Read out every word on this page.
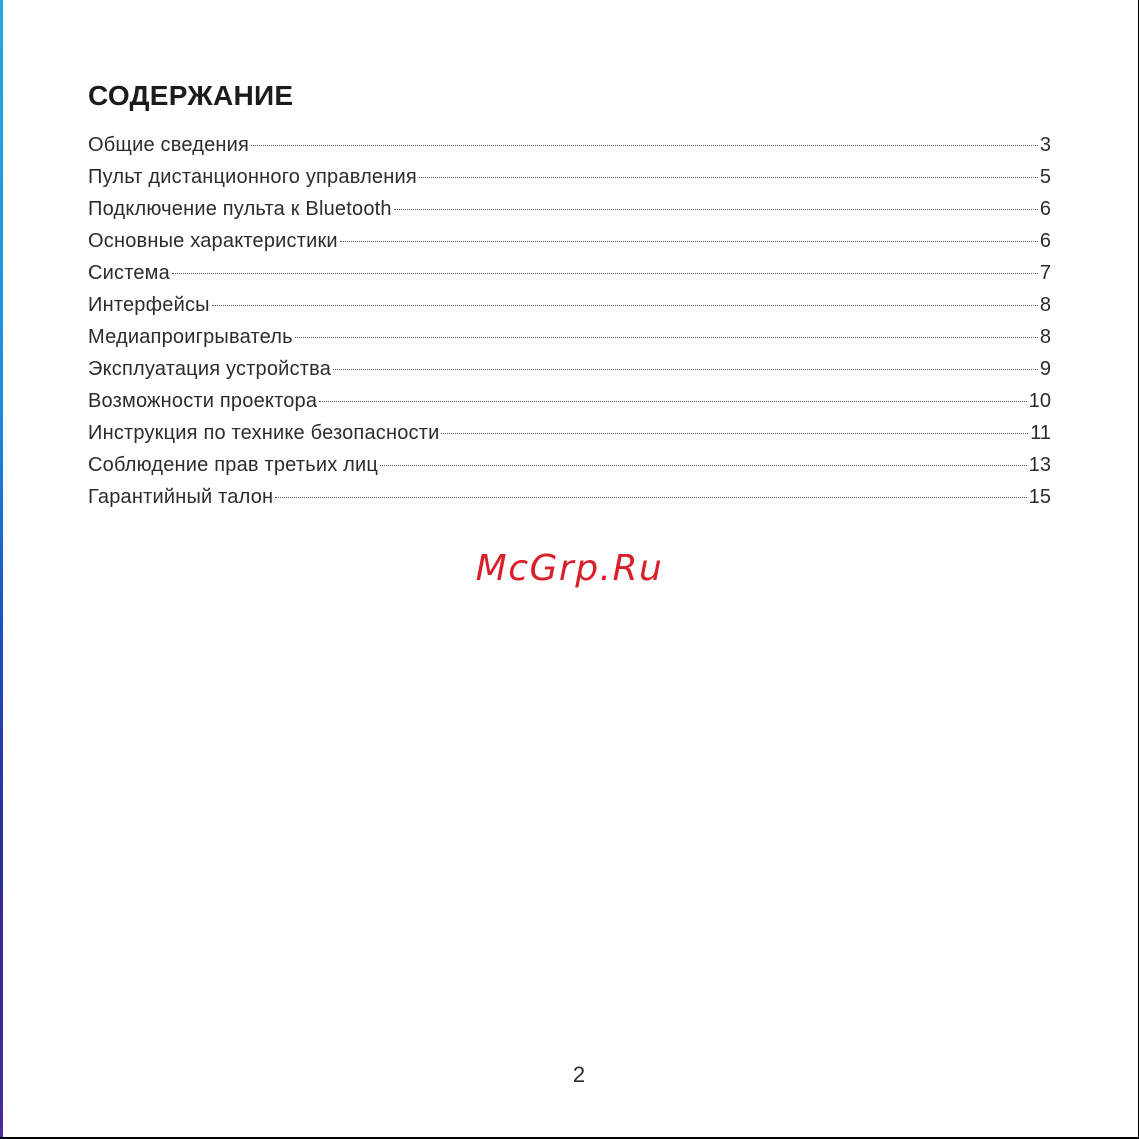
СОДЕРЖАНИЕ
Общие сведения	3
Пульт дистанционного управления	5
Подключение пульта к Bluetooth	6
Основные характеристики	6
Система	7
Интерфейсы	8
Медиапроигрыватель	8
Эксплуатация устройства	9
Возможности проектора	10
Инструкция по технике безопасности	11
Соблюдение прав третьих лиц	13
Гарантийный талон	15
McGrp.Ru
2
